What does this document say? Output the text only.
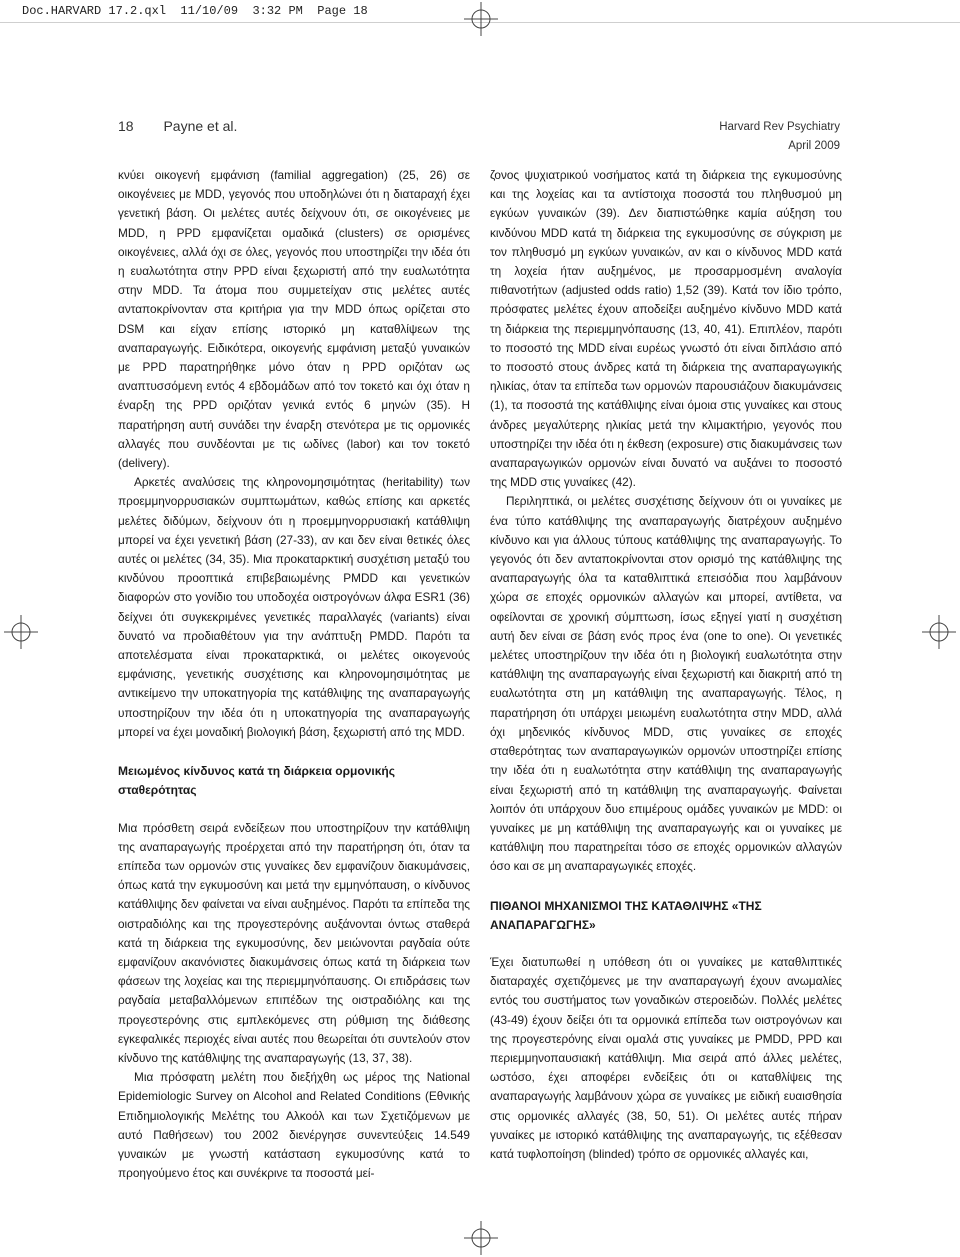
Doc.HARVARD 17.2.qxl  11/10/09  3:32 PM  Page 18
18 Payne et al.	Harvard Rev Psychiatry
April 2009

κνύει οικογενή εμφάνιση (familial aggregation) (25, 26) σε οικογένειες με MDD, γεγονός που υποδηλώνει ότι η διαταραχή έχει γενετική βάση. Οι μελέτες αυτές δείχνουν ότι, σε οικογένειες με MDD, η PPD εμφανίζεται ομαδικά (clusters) σε ορισμένες οικογένειες, αλλά όχι σε όλες, γεγονός που υποστηρίζει την ιδέα ότι η ευαλωτότητα στην PPD είναι ξεχωριστή από την ευαλωτότητα στην MDD. Τα άτομα που συμμετείχαν στις μελέτες αυτές ανταποκρίνονταν στα κριτήρια για την MDD όπως ορίζεται στο DSM και είχαν επίσης ιστορικό μη καταθλίψεων της αναπαραγωγής. Ειδικότερα, οικογενής εμφάνιση μεταξύ γυναικών με PPD παρατηρήθηκε μόνο όταν η PPD οριζόταν ως αναπτυσσόμενη εντός 4 εβδομάδων από τον τοκετό και όχι όταν η έναρξη της PPD οριζόταν γενικά εντός 6 μηνών (35). Η παρατήρηση αυτή συνάδει την έναρξη στενότερα με τις ορμονικές αλλαγές που συνδέονται με τις ωδίνες (labor) και τον τοκετό (delivery).

Αρκετές αναλύσεις της κληρονομησιμότητας (heritability) των προεμμηνορρυσιακών συμπτωμάτων, καθώς επίσης και αρκετές μελέτες διδύμων, δείχνουν ότι η προεμμηνορρυσιακή κατάθλιψη μπορεί να έχει γενετική βάση (27-33), αν και δεν είναι θετικές όλες αυτές οι μελέτες (34, 35). Μια προκαταρκτική συσχέτιση μεταξύ του κινδύνου προοπτικά επιβεβαιωμένης PMDD και γενετικών διαφορών στο γονίδιο του υποδοχέα οιστρογόνων άλφα ESR1 (36) δείχνει ότι συγκεκριμένες γενετικές παραλλαγές (variants) είναι δυνατό να προδιαθέτουν για την ανάπτυξη PMDD. Παρότι τα αποτελέσματα είναι προκαταρκτικά, οι μελέτες οικογενούς εμφάνισης, γενετικής συσχέτισης και κληρονομησιμότητας με αντικείμενο την υποκατηγορία της κατάθλιψης της αναπαραγωγής υποστηρίζουν την ιδέα ότι η υποκατηγορία της αναπαραγωγής μπορεί να έχει μοναδική βιολογική βάση, ξεχωριστή από της MDD.

Μειωμένος κίνδυνος κατά τη διάρκεια ορμονικής σταθερότητας

Μια πρόσθετη σειρά ενδείξεων που υποστηρίζουν την κατάθλιψη της αναπαραγωγής προέρχεται από την παρατήρηση ότι, όταν τα επίπεδα των ορμονών στις γυναίκες δεν εμφανίζουν διακυμάνσεις, όπως κατά την εγκυμοσύνη και μετά την εμμηνόπαυση, ο κίνδυνος κατάθλιψης δεν φαίνεται να είναι αυξημένος. Παρότι τα επίπεδα της οιστραδιόλης και της προγεστερόνης αυξάνονται όντως σταθερά κατά τη διάρκεια της εγκυμοσύνης, δεν μειώνονται ραγδαία ούτε εμφανίζουν ακανόνιστες διακυμάνσεις όπως κατά τη διάρκεια των φάσεων της λοχείας και της περιεμμηνόπαυσης. Οι επιδράσεις των ραγδαία μεταβαλλόμενων επιπέδων της οιστραδιόλης και της προγεστερόνης στις εμπλεκόμενες στη ρύθμιση της διάθεσης εγκεφαλικές περιοχές είναι αυτές που θεωρείται ότι συντελούν στον κίνδυνο της κατάθλιψης της αναπαραγωγής (13, 37, 38).

Μια πρόσφατη μελέτη που διεξήχθη ως μέρος της National Epidemiologic Survey on Alcohol and Related Conditions (Εθνικής Επιδημιολογικής Μελέτης του Αλκοόλ και των Σχετιζόμενων με αυτό Παθήσεων) του 2002 διενέργησε συνεντεύξεις 14.549 γυναικών με γνωστή κατάσταση εγκυμοσύνης κατά το προηγούμενο έτος και συνέκρινε τα ποσοστά μεί-

ζονος ψυχιατρικού νοσήματος κατά τη διάρκεια της εγκυμοσύνης και της λοχείας και τα αντίστοιχα ποσοστά του πληθυσμού μη εγκύων γυναικών (39). Δεν διαπιστώθηκε καμία αύξηση του κινδύνου MDD κατά τη διάρκεια της εγκυμοσύνης σε σύγκριση με τον πληθυσμό μη εγκύων γυναικών, αν και ο κίνδυνος MDD κατά τη λοχεία ήταν αυξημένος, με προσαρμοσμένη αναλογία πιθανοτήτων (adjusted odds ratio) 1,52 (39). Κατά τον ίδιο τρόπο, πρόσφατες μελέτες έχουν αποδείξει αυξημένο κίνδυνο MDD κατά τη διάρκεια της περιεμμηνόπαυσης (13, 40, 41). Επιπλέον, παρότι το ποσοστό της MDD είναι ευρέως γνωστό ότι είναι διπλάσιο από το ποσοστό στους άνδρες κατά τη διάρκεια της αναπαραγωγικής ηλικίας, όταν τα επίπεδα των ορμονών παρουσιάζουν διακυμάνσεις (1), τα ποσοστά της κατάθλιψης είναι όμοια στις γυναίκες και στους άνδρες μεγαλύτερης ηλικίας μετά την κλιμακτήριο, γεγονός που υποστηρίζει την ιδέα ότι η έκθεση (exposure) στις διακυμάνσεις των αναπαραγωγικών ορμονών είναι δυνατό να αυξάνει το ποσοστό της MDD στις γυναίκες (42).

Περιληπτικά, οι μελέτες συσχέτισης δείχνουν ότι οι γυναίκες με ένα τύπο κατάθλιψης της αναπαραγωγής διατρέχουν αυξημένο κίνδυνο και για άλλους τύπους κατάθλιψης της αναπαραγωγής. Το γεγονός ότι δεν ανταποκρίνονται στον ορισμό της κατάθλιψης της αναπαραγωγής όλα τα καταθλιπτικά επεισόδια που λαμβάνουν χώρα σε εποχές ορμονικών αλλαγών και μπορεί, αντίθετα, να οφείλονται σε χρονική σύμπτωση, ίσως εξηγεί γιατί η συσχέτιση αυτή δεν είναι σε βάση ενός προς ένα (one to one). Οι γενετικές μελέτες υποστηρίζουν την ιδέα ότι η βιολογική ευαλωτότητα στην κατάθλιψη της αναπαραγωγής είναι ξεχωριστή και διακριτή από τη ευαλωτότητα στη μη κατάθλιψη της αναπαραγωγής. Τέλος, η παρατήρηση ότι υπάρχει μειωμένη ευαλωτότητα στην MDD, αλλά όχι μηδενικός κίνδυνος MDD, στις γυναίκες σε εποχές σταθερότητας των αναπαραγωγικών ορμονών υποστηρίζει επίσης την ιδέα ότι η ευαλωτότητα στην κατάθλιψη της αναπαραγωγής είναι ξεχωριστή από τη κατάθλιψη της αναπαραγωγής. Φαίνεται λοιπόν ότι υπάρχουν δυο επιμέρους ομάδες γυναικών με MDD: οι γυναίκες με μη κατάθλιψη της αναπαραγωγής και οι γυναίκες με κατάθλιψη που παρατηρείται τόσο σε εποχές ορμονικών αλλαγών όσο και σε μη αναπαραγωγικές εποχές.

ΠΙΘΑΝΟΙ ΜΗΧΑΝΙΣΜΟΙ ΤΗΣ ΚΑΤΑΘΛΙΨΗΣ «ΤΗΣ ΑΝΑΠΑΡΑΓΩΓΗΣ»

Έχει διατυπωθεί η υπόθεση ότι οι γυναίκες με καταθλιπτικές διαταραχές σχετιζόμενες με την αναπαραγωγή έχουν ανωμαλίες εντός του συστήματος των γοναδικών στεροειδών. Πολλές μελέτες (43-49) έχουν δείξει ότι τα ορμονικά επίπεδα των οιστρογόνων και της προγεστερόνης είναι ομαλά στις γυναίκες με PMDD, PPD και περιεμμηνοπαυσιακή κατάθλιψη. Μια σειρά από άλλες μελέτες, ωστόσο, έχει αποφέρει ενδείξεις ότι οι καταθλίψεις της αναπαραγωγής λαμβάνουν χώρα σε γυναίκες με ειδική ευαισθησία στις ορμονικές αλλαγές (38, 50, 51). Οι μελέτες αυτές πήραν γυναίκες με ιστορικό κατάθλιψης της αναπαραγωγής, τις εξέθεσαν κατά τυφλοποίηση (blinded) τρόπο σε ορμονικές αλλαγές και,
